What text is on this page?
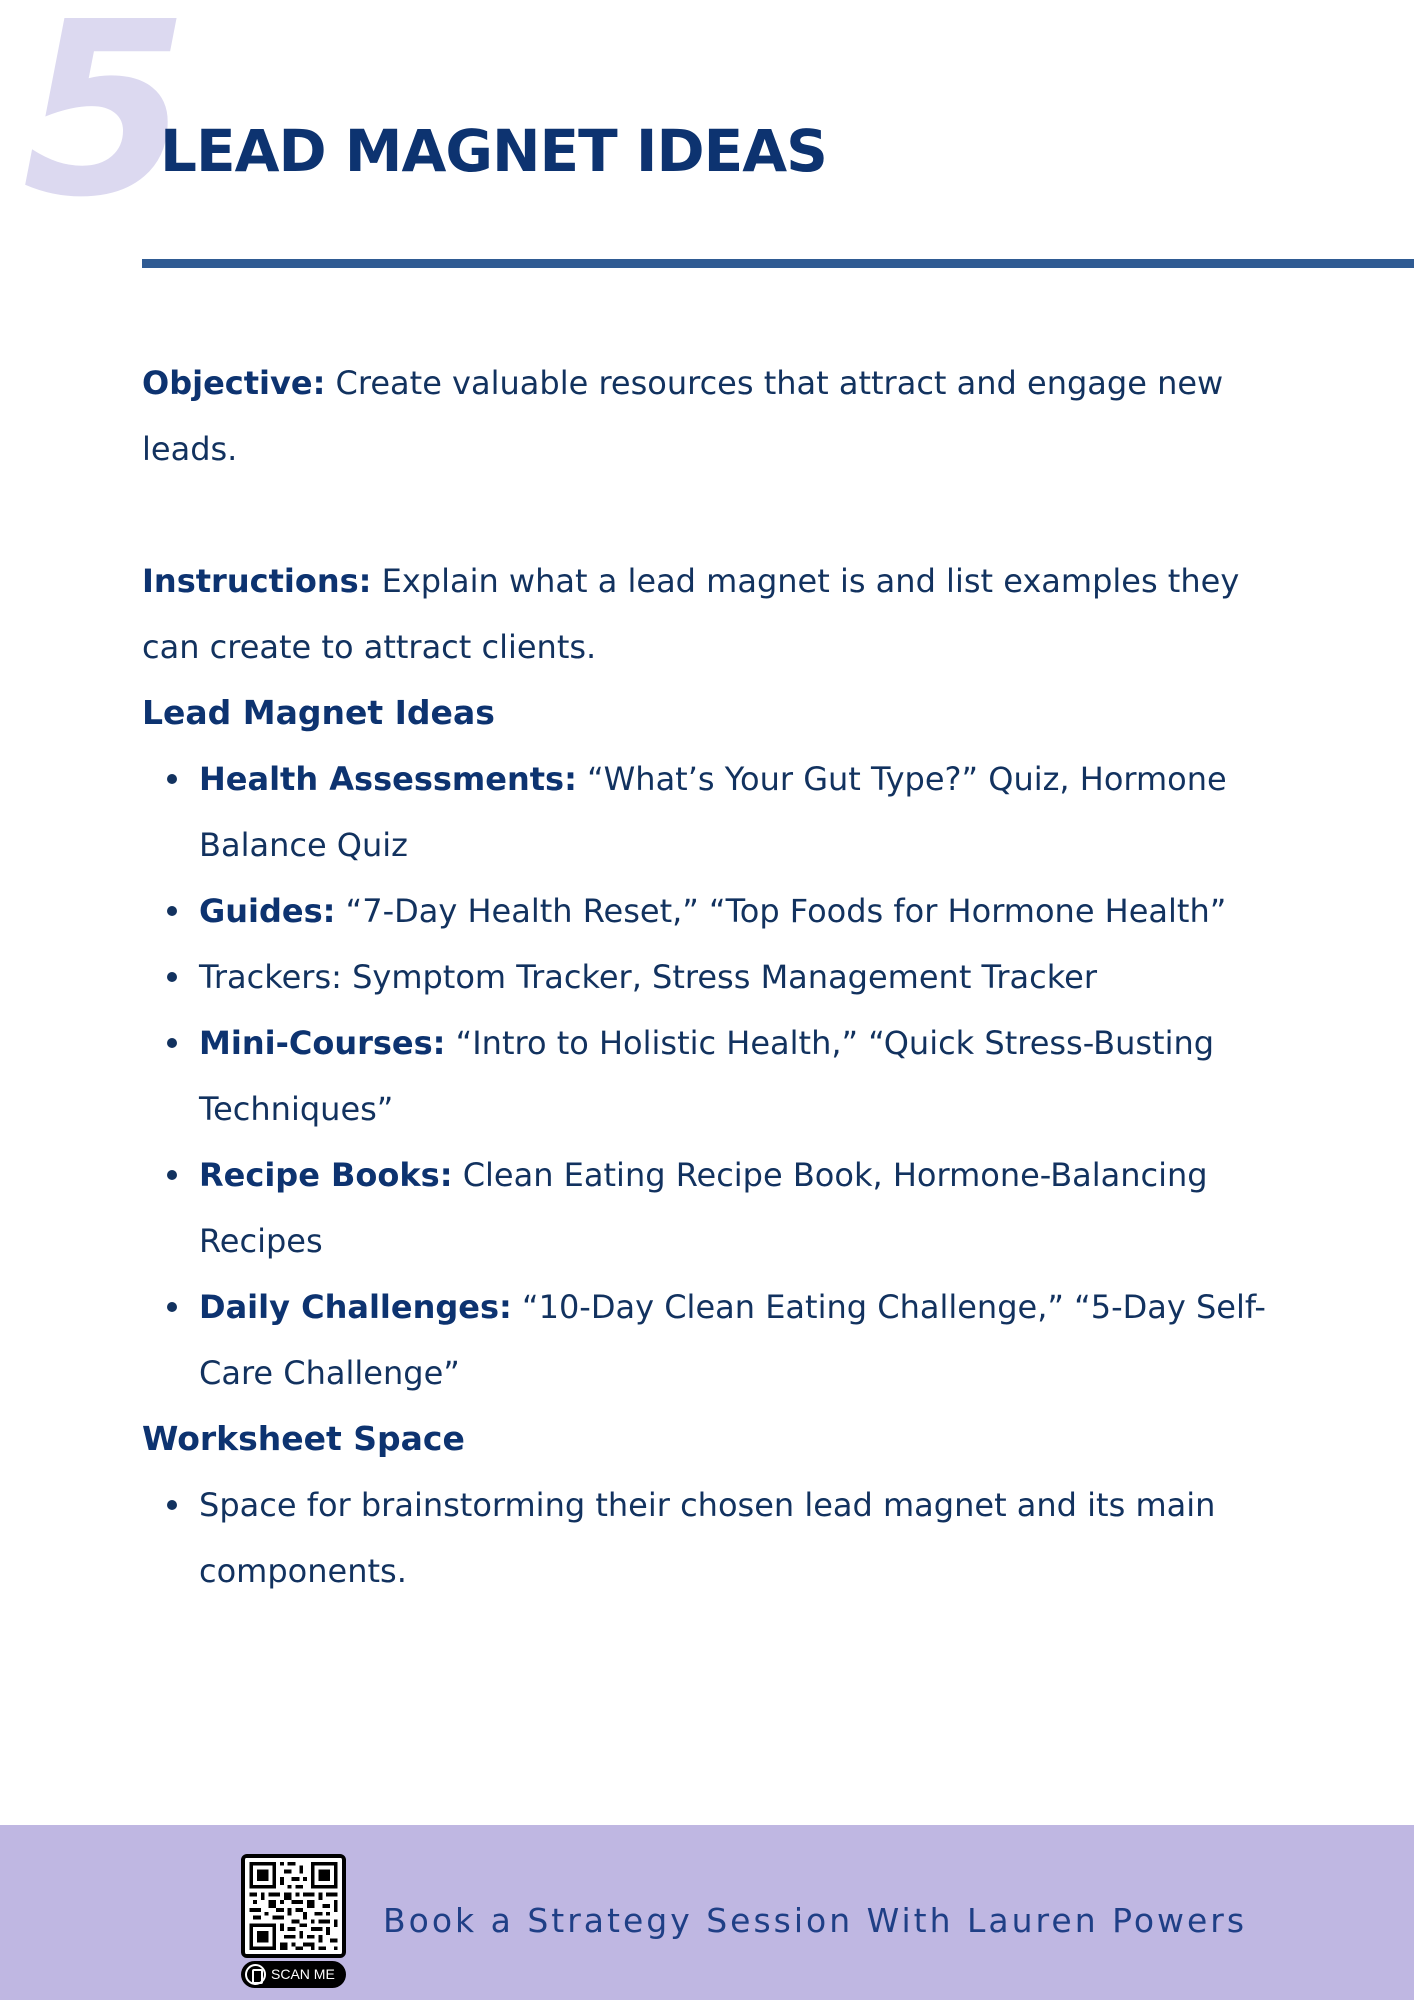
5
LEAD MAGNET IDEAS

Objective: Create valuable resources that attract and engage new leads.

Instructions: Explain what a lead magnet is and list examples they can create to attract clients.

Lead Magnet Ideas
Health Assessments: “What’s Your Gut Type?” Quiz, Hormone Balance Quiz
Guides: “7-Day Health Reset,” “Top Foods for Hormone Health”
Trackers: Symptom Tracker, Stress Management Tracker
Mini-Courses: “Intro to Holistic Health,” “Quick Stress-Busting Techniques”
Recipe Books: Clean Eating Recipe Book, Hormone-Balancing Recipes
Daily Challenges: “10-Day Clean Eating Challenge,” “5-Day Self-Care Challenge”
Worksheet Space
Space for brainstorming their chosen lead magnet and its main components.
SCAN ME
Book a Strategy Session With Lauren Powers
